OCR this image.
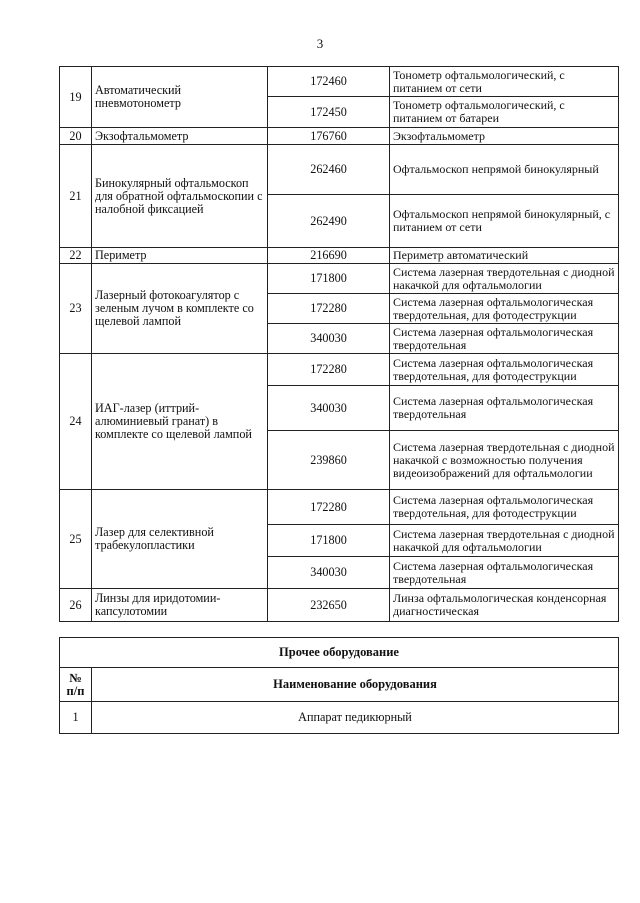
3
19	Автоматический пневмотонометр	172460	Тонометр офтальмологический, с питанием от сети
		172450	Тонометр офтальмологический, с питанием от батареи
20	Экзофтальмометр	176760	Экзофтальмометр
21	Бинокулярный офтальмоскоп для обратной офтальмоскопии с налобной фиксацией	262460	Офтальмоскоп непрямой бинокулярный
		262490	Офтальмоскоп непрямой бинокулярный, с питанием от сети
22	Периметр	216690	Периметр автоматический
23	Лазерный фотокоагулятор с зеленым лучом в комплекте со щелевой лампой	171800	Система лазерная твердотельная с диодной накачкой для офтальмологии
		172280	Система лазерная офтальмологическая твердотельная, для фотодеструкции
		340030	Система лазерная офтальмологическая твердотельная
24	ИАГ-лазер (иттрий-алюминиевый гранат) в комплекте со щелевой лампой	172280	Система лазерная офтальмологическая твердотельная, для фотодеструкции
		340030	Система лазерная офтальмологическая твердотельная
		239860	Система лазерная твердотельная с диодной накачкой с возможностью получения видеоизображений для офтальмологии
25	Лазер для селективной трабекулопластики	172280	Система лазерная офтальмологическая твердотельная, для фотодеструкции
		171800	Система лазерная твердотельная с диодной накачкой для офтальмологии
		340030	Система лазерная офтальмологическая твердотельная
26	Линзы для иридотомии-капсулотомии	232650	Линза офтальмологическая конденсорная диагностическая
Прочее оборудование	
№ п/п	Наименование оборудования
1	Аппарат педикюрный
